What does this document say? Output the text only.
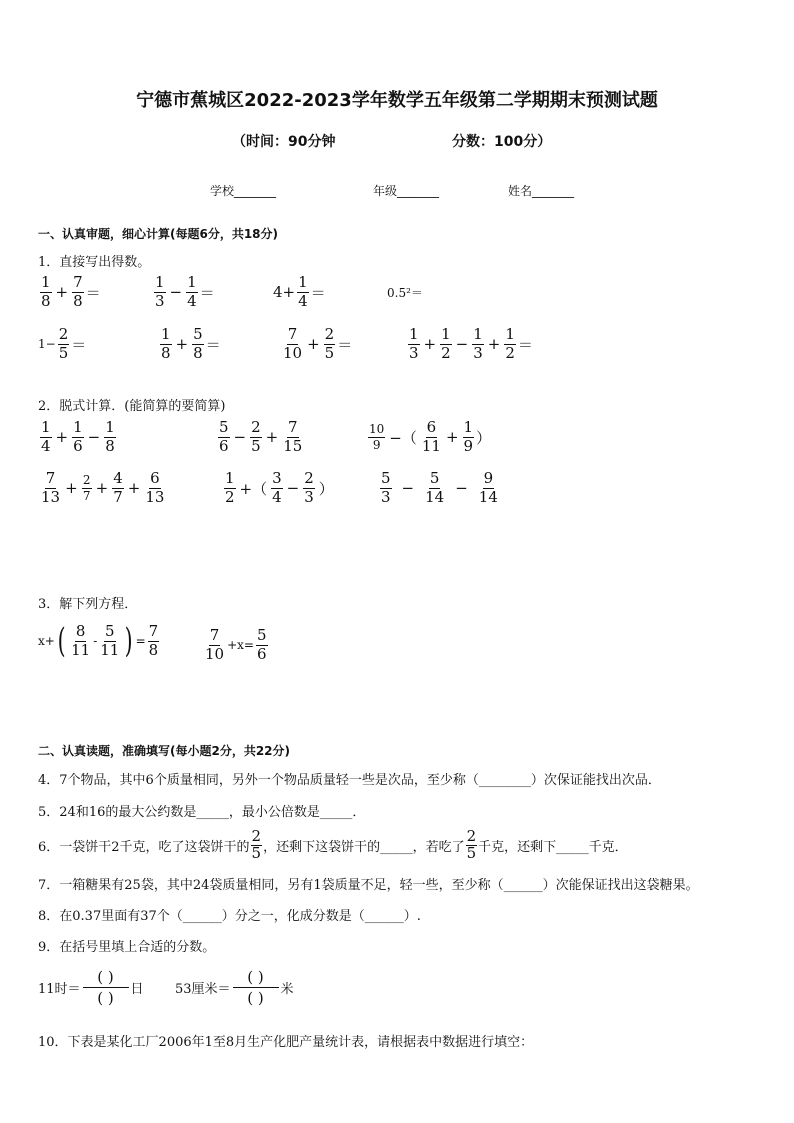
宁德市蕉城区2022-2023学年数学五年级第二学期期末预测试题
（时间：90分钟	分数：100分）
学校_______	年级_______	姓名_______
一、认真审题，细心计算(每题6分，共18分)
1．直接写出得数。
$\frac{1}{8} + \frac{7}{8}$ ＝	$\frac{1}{3} - \frac{1}{4}$ ＝	$4+ \frac{1}{4}$ ＝	0.5²＝
$1- \frac{2}{5}$ ＝	$\frac{1}{8} + \frac{5}{8}$ ＝	$\frac{7}{10} + \frac{2}{5}$ ＝	$\frac{1}{3} + \frac{1}{2} - \frac{1}{3} + \frac{1}{2}$ ＝
2．脱式计算．(能简算的要简算)
$\frac{1}{4} + \frac{1}{6} - \frac{1}{8}$	$\frac{5}{6} - \frac{2}{5} + \frac{7}{15}$	$\frac{10}{9}$ −（ $\frac{6}{11} + \frac{1}{9}$ ）
$\frac{7}{13} + \frac{2}{7} + \frac{4}{7} + \frac{6}{13}$	$\frac{1}{2}$ +（ $\frac{3}{4} - \frac{2}{3}$ ）	$\frac{5}{3} - \frac{5}{14} - \frac{9}{14}$
3．解下列方程．
x+ ( $\frac{8}{11} - \frac{5}{11}$ ) = $\frac{7}{8}$	$\frac{7}{10} +x= \frac{5}{6}$
二、认真读题，准确填写(每小题2分，共22分)
4．7个物品，其中6个质量相同，另外一个物品质量轻一些是次品，至少称（________）次保证能找出次品．
5．24和16的最大公约数是_____，最小公倍数是_____．
6．一袋饼干2千克，吃了这袋饼干的 $\frac{2}{5}$ ，还剩下这袋饼干的_____，若吃了 $\frac{2}{5}$ 千克，还剩下_____千克．
7．一箱糖果有25袋，其中24袋质量相同，另有1袋质量不足，轻一些，至少称（______）次能保证找出这袋糖果。
8．在0.37里面有37个（______）分之一，化成分数是（______）.
9．在括号里填上合适的分数。
11时＝
( )
( ) 日 53厘米＝
( )
( ) 米
10．下表是某化工厂2006年1至8月生产化肥产量统计表，请根据表中数据进行填空：
